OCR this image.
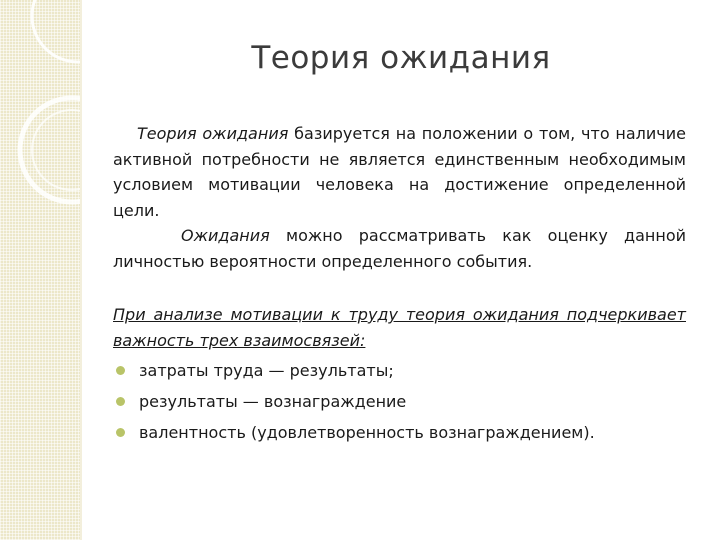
Теория ожидания

Теория ожидания базируется на положении о том, что наличие активной потребности не является единственным необходимым условием мотивации человека на достижение определенной цели.

Ожидания можно рассматривать как оценку данной личностью вероятности определенного события.

При анализе мотивации к труду теория ожидания подчеркивает важность трех взаимосвязей:

затраты труда — результаты;
результаты — вознаграждение
валентность (удовлетворенность вознаграждением).
